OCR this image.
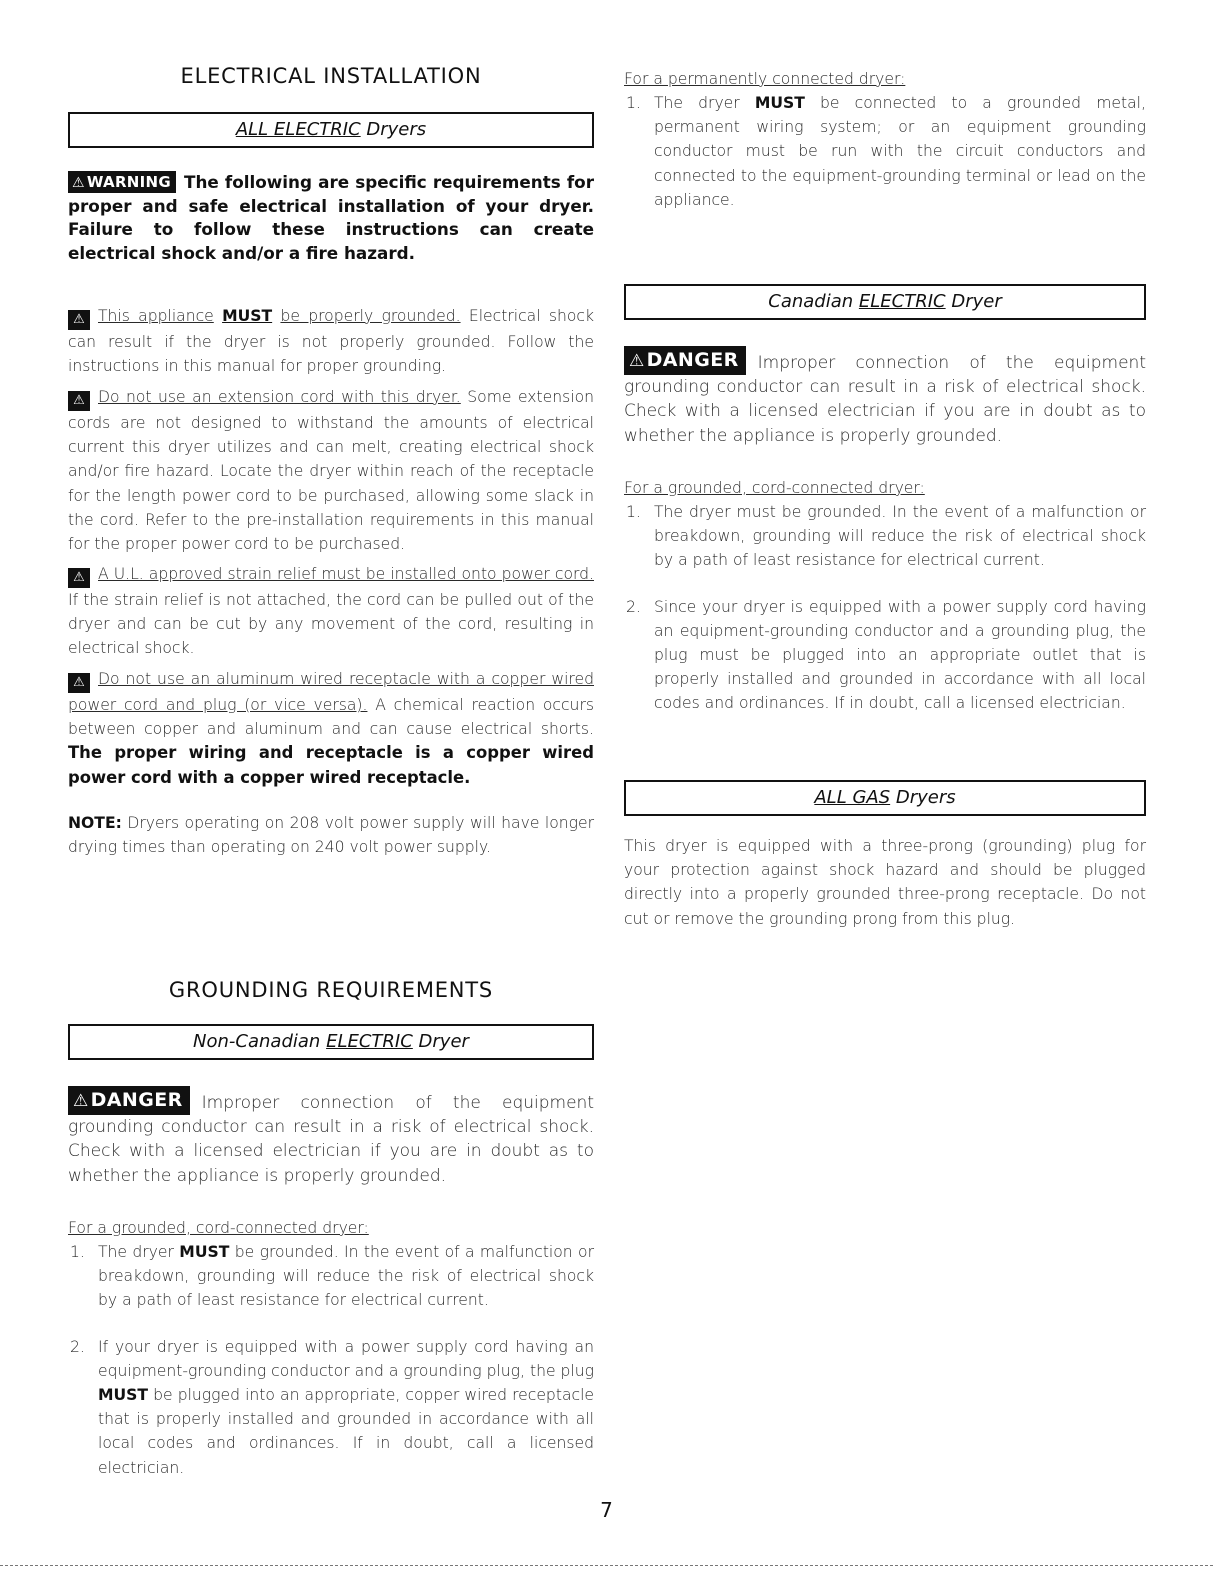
ELECTRICAL INSTALLATION
ALL ELECTRIC Dryers

⚠ WARNING The following are specific requirements for proper and safe electrical installation of your dryer. Failure to follow these instructions can create electrical shock and/or a fire hazard.

⚠ This appliance MUST be properly grounded. Electrical shock can result if the dryer is not properly grounded. Follow the instructions in this manual for proper grounding.

⚠ Do not use an extension cord with this dryer. Some extension cords are not designed to withstand the amounts of electrical current this dryer utilizes and can melt, creating electrical shock and/or fire hazard. Locate the dryer within reach of the receptacle for the length power cord to be purchased, allowing some slack in the cord. Refer to the pre-installation requirements in this manual for the proper power cord to be purchased.

⚠ A U.L. approved strain relief must be installed onto power cord. If the strain relief is not attached, the cord can be pulled out of the dryer and can be cut by any movement of the cord, resulting in electrical shock.

⚠ Do not use an aluminum wired receptacle with a copper wired power cord and plug (or vice versa). A chemical reaction occurs between copper and aluminum and can cause electrical shorts. The proper wiring and receptacle is a copper wired power cord with a copper wired receptacle.

NOTE: Dryers operating on 208 volt power supply will have longer drying times than operating on 240 volt power supply.

GROUNDING REQUIREMENTS
Non-Canadian ELECTRIC Dryer

⚠ DANGER Improper connection of the equipment grounding conductor can result in a risk of electrical shock. Check with a licensed electrician if you are in doubt as to whether the appliance is properly grounded.

For a grounded, cord-connected dryer:
1. The dryer MUST be grounded. In the event of a malfunction or breakdown, grounding will reduce the risk of electrical shock by a path of least resistance for electrical current.
2. If your dryer is equipped with a power supply cord having an equipment-grounding conductor and a grounding plug, the plug MUST be plugged into an appropriate, copper wired receptacle that is properly installed and grounded in accordance with all local codes and ordinances. If in doubt, call a licensed electrician.
For a permanently connected dryer:
1. The dryer MUST be connected to a grounded metal, permanent wiring system; or an equipment grounding conductor must be run with the circuit conductors and connected to the equipment-grounding terminal or lead on the appliance.
Canadian ELECTRIC Dryer

⚠ DANGER Improper connection of the equipment grounding conductor can result in a risk of electrical shock. Check with a licensed electrician if you are in doubt as to whether the appliance is properly grounded.

For a grounded, cord-connected dryer:
1. The dryer must be grounded. In the event of a malfunction or breakdown, grounding will reduce the risk of electrical shock by a path of least resistance for electrical current.
2. Since your dryer is equipped with a power supply cord having an equipment-grounding conductor and a grounding plug, the plug must be plugged into an appropriate outlet that is properly installed and grounded in accordance with all local codes and ordinances. If in doubt, call a licensed electrician.
ALL GAS Dryers

This dryer is equipped with a three-prong (grounding) plug for your protection against shock hazard and should be plugged directly into a properly grounded three-prong receptacle. Do not cut or remove the grounding prong from this plug.

7
